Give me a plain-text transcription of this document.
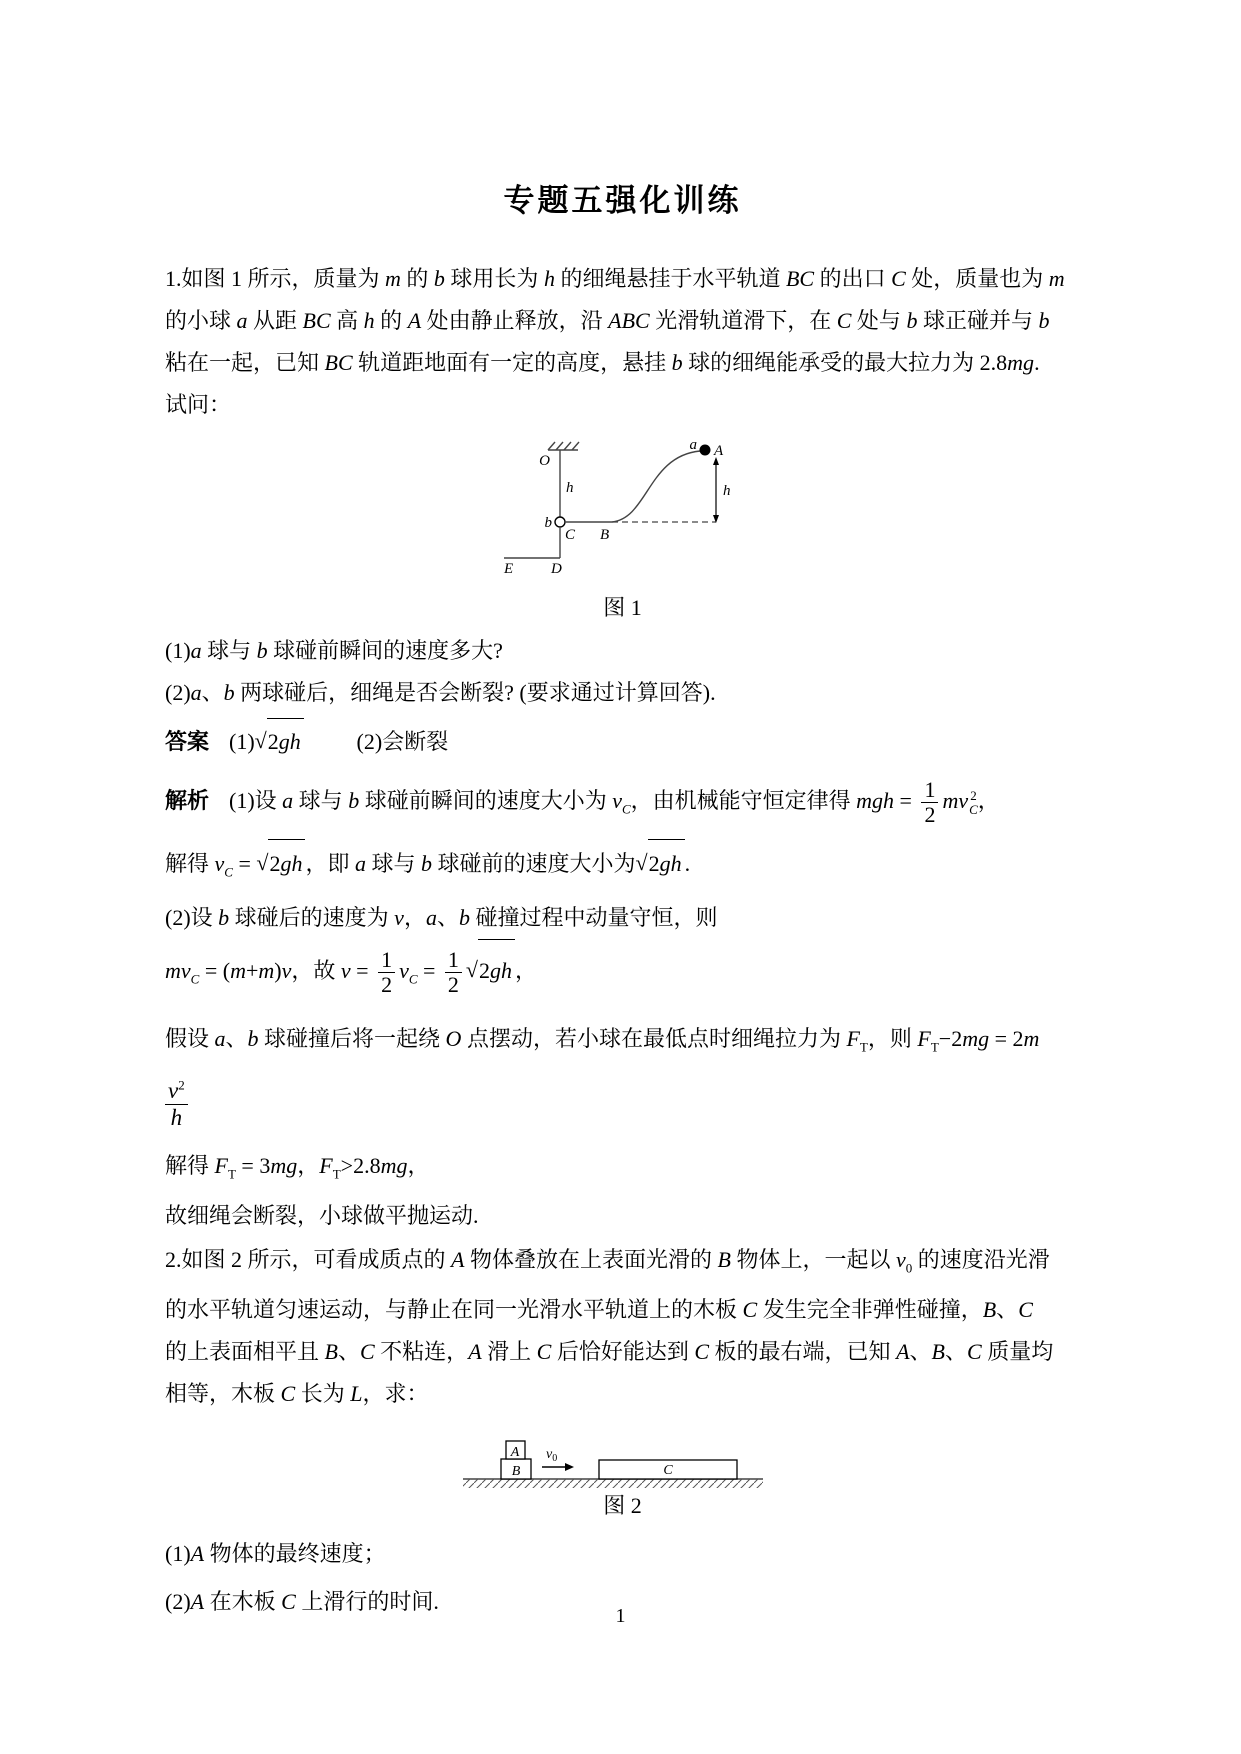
专题五强化训练

1.如图 1 所示，质量为 m 的 b 球用长为 h 的细绳悬挂于水平轨道 BC 的出口 C 处，质量也为 m

的小球 a 从距 BC 高 h 的 A 处由静止释放，沿 ABC 光滑轨道滑下，在 C 处与 b 球正碰并与 b

粘在一起，已知 BC 轨道距地面有一定的高度，悬挂 b 球的细绳能承受的最大拉力为 2.8mg.

试问：

O
h
b
C B
a A
h
E	D

图 1

(1)a 球与 b 球碰前瞬间的速度多大?

(2)a、b 两球碰后，细绳是否会断裂? (要求通过计算回答).

答案 (1)√2gh	(2)会断裂

解析 (1)设 a 球与 b 球碰前瞬间的速度大小为 $v_C$，由机械能守恒定律得 mgh = $\frac{1}{2}$ mv 2
C ，

解得 $v_C = √2gh$ ，即 a 球与 b 球碰前的速度大小为√2gh .

(2)设 b 球碰后的速度为 v，a、b 碰撞过程中动量守恒，则

$mv_C = (m+m)v$，故 $v = \frac{1}{2} v_C = \frac{1}{2} √2gh$ ，

假设 a、b 球碰撞后将一起绕 O 点摆动，若小球在最低点时细绳拉力为 $F_T$，则 $F_T-2mg = 2m$

$\frac{v^2}{h}$

解得 $F_T = 3mg$，$F_T>2.8mg$，

故细绳会断裂，小球做平抛运动.

2.如图 2 所示，可看成质点的 A 物体叠放在上表面光滑的 B 物体上，一起以 $v_0$ 的速度沿光滑

的水平轨道匀速运动，与静止在同一光滑水平轨道上的木板 C 发生完全非弹性碰撞，B、C

的上表面相平且 B、C 不粘连，A 滑上 C 后恰好能达到 C 板的最右端，已知 A、B、C 质量均

相等，木板 C 长为 L，求：

A
B	C
$v_0$

图 2

(1)A 物体的最终速度；

(2)A 在木板 C 上滑行的时间.

1
